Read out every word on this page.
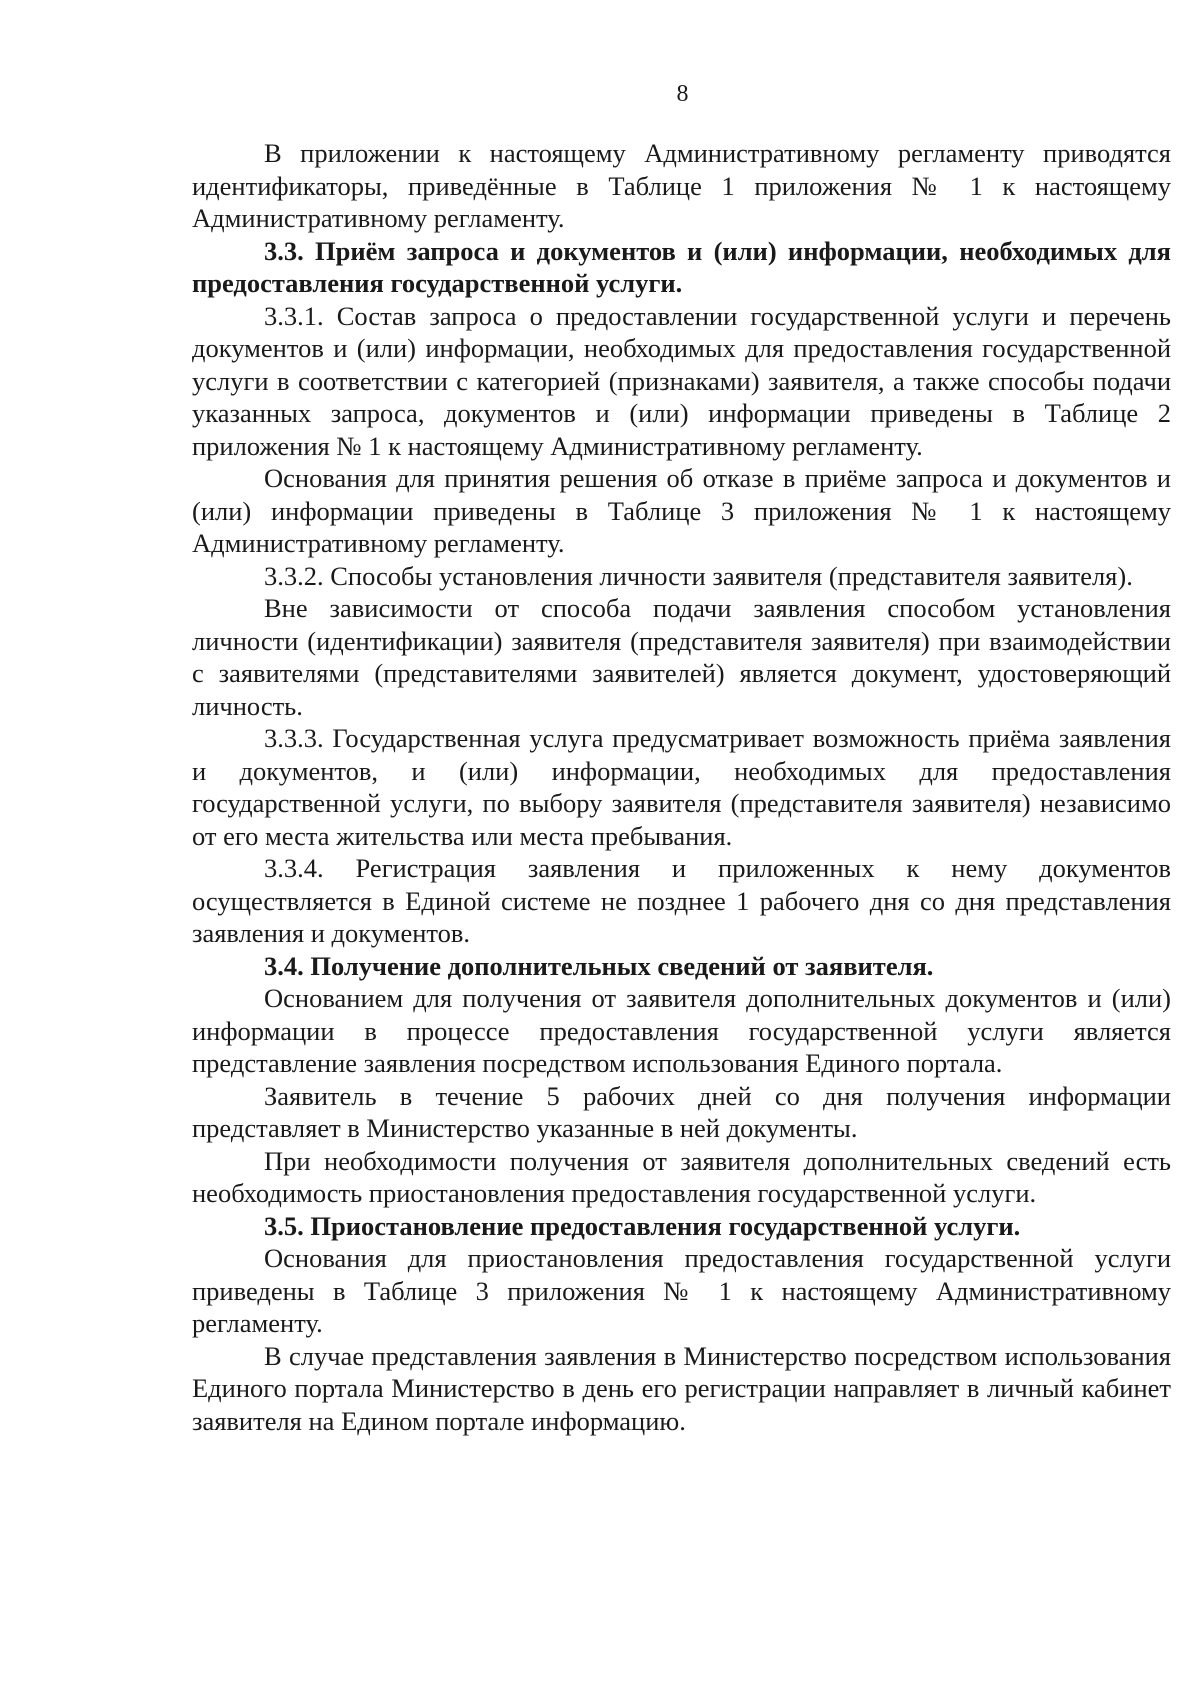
8

В приложении к настоящему Административному регламенту приводятся идентификаторы, приведённые в Таблице 1 приложения № 1 к настоящему Административному регламенту.

3.3. Приём запроса и документов и (или) информации, необходимых для предоставления государственной услуги.

3.3.1. Состав запроса о предоставлении государственной услуги и перечень документов и (или) информации, необходимых для предоставления государственной услуги в соответствии с категорией (признаками) заявителя, а также способы подачи указанных запроса, документов и (или) информации приведены в Таблице 2 приложения № 1 к настоящему Административному регламенту.

Основания для принятия решения об отказе в приёме запроса и документов и (или) информации приведены в Таблице 3 приложения № 1 к настоящему Административному регламенту.

3.3.2. Способы установления личности заявителя (представителя заявителя).

Вне зависимости от способа подачи заявления способом установления личности (идентификации) заявителя (представителя заявителя) при взаимодействии с заявителями (представителями заявителей) является документ, удостоверяющий личность.

3.3.3. Государственная услуга предусматривает возможность приёма заявления и документов, и (или) информации, необходимых для предоставления государственной услуги, по выбору заявителя (представителя заявителя) независимо от его места жительства или места пребывания.

3.3.4. Регистрация заявления и приложенных к нему документов осуществляется в Единой системе не позднее 1 рабочего дня со дня представления заявления и документов.

3.4. Получение дополнительных сведений от заявителя.

Основанием для получения от заявителя дополнительных документов и (или) информации в процессе предоставления государственной услуги является представление заявления посредством использования Единого портала.

Заявитель в течение 5 рабочих дней со дня получения информации представляет в Министерство указанные в ней документы.

При необходимости получения от заявителя дополнительных сведений есть необходимость приостановления предоставления государственной услуги.

3.5. Приостановление предоставления государственной услуги.

Основания для приостановления предоставления государственной услуги приведены в Таблице 3 приложения № 1 к настоящему Административному регламенту.

В случае представления заявления в Министерство посредством использования Единого портала Министерство в день его регистрации направляет в личный кабинет заявителя на Едином портале информацию.
